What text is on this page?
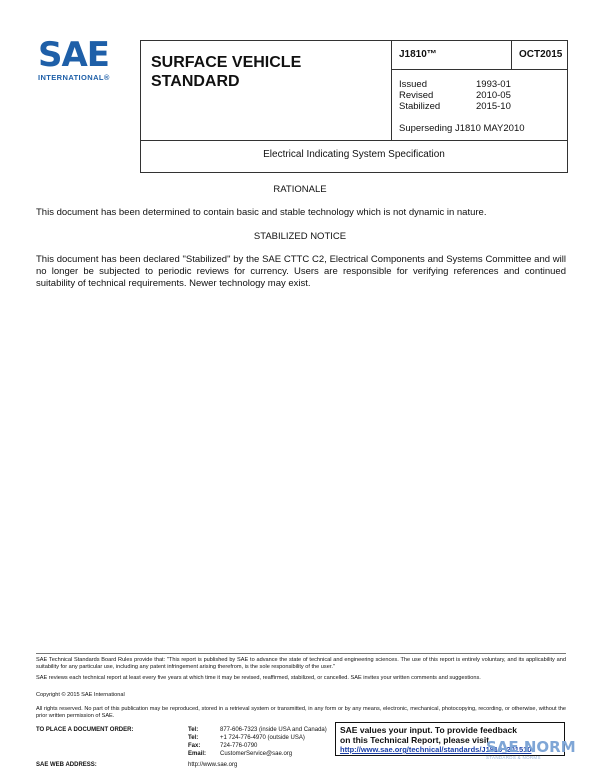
SAE
INTERNATIONAL®
SURFACE VEHICLE
STANDARD
J1810™	OCT2015
Issued	1993-01
Revised	2010-05
Stabilized	2015-10
Superseding J1810 MAY2010
Electrical Indicating System Specification
RATIONALE
This document has been determined to contain basic and stable technology which is not dynamic in nature.
STABILIZED NOTICE
This document has been declared "Stabilized" by the SAE CTTC C2, Electrical Components and Systems Committee and will no longer be subjected to periodic reviews for currency. Users are responsible for verifying references and continued suitability of technical requirements. Newer technology may exist.
SAE Technical Standards Board Rules provide that: "This report is published by SAE to advance the state of technical and engineering sciences. The use of this report is entirely voluntary, and its applicability and suitability for any particular use, including any patent infringement arising therefrom, is the sole responsibility of the user."
SAE reviews each technical report at least every five years at which time it may be revised, reaffirmed, stabilized, or cancelled. SAE invites your written comments and suggestions.
Copyright © 2015 SAE International
All rights reserved. No part of this publication may be reproduced, stored in a retrieval system or transmitted, in any form or by any means, electronic, mechanical, photocopying, recording, or otherwise, without the prior written permission of SAE.
TO PLACE A DOCUMENT ORDER:	Tel:	877-606-7323 (inside USA and Canada)
Tel:	+1 724-776-4970 (outside USA)
Fax:	724-776-0790
Email: CustomerService@sae.org
SAE WEB ADDRESS:	http://www.sae.org
SAE values your input. To provide feedback
on this Technical Report, please visit
http://www.sae.org/technical/standards/J1810_201510
SAE NORM
STANDARDS & NORMS
